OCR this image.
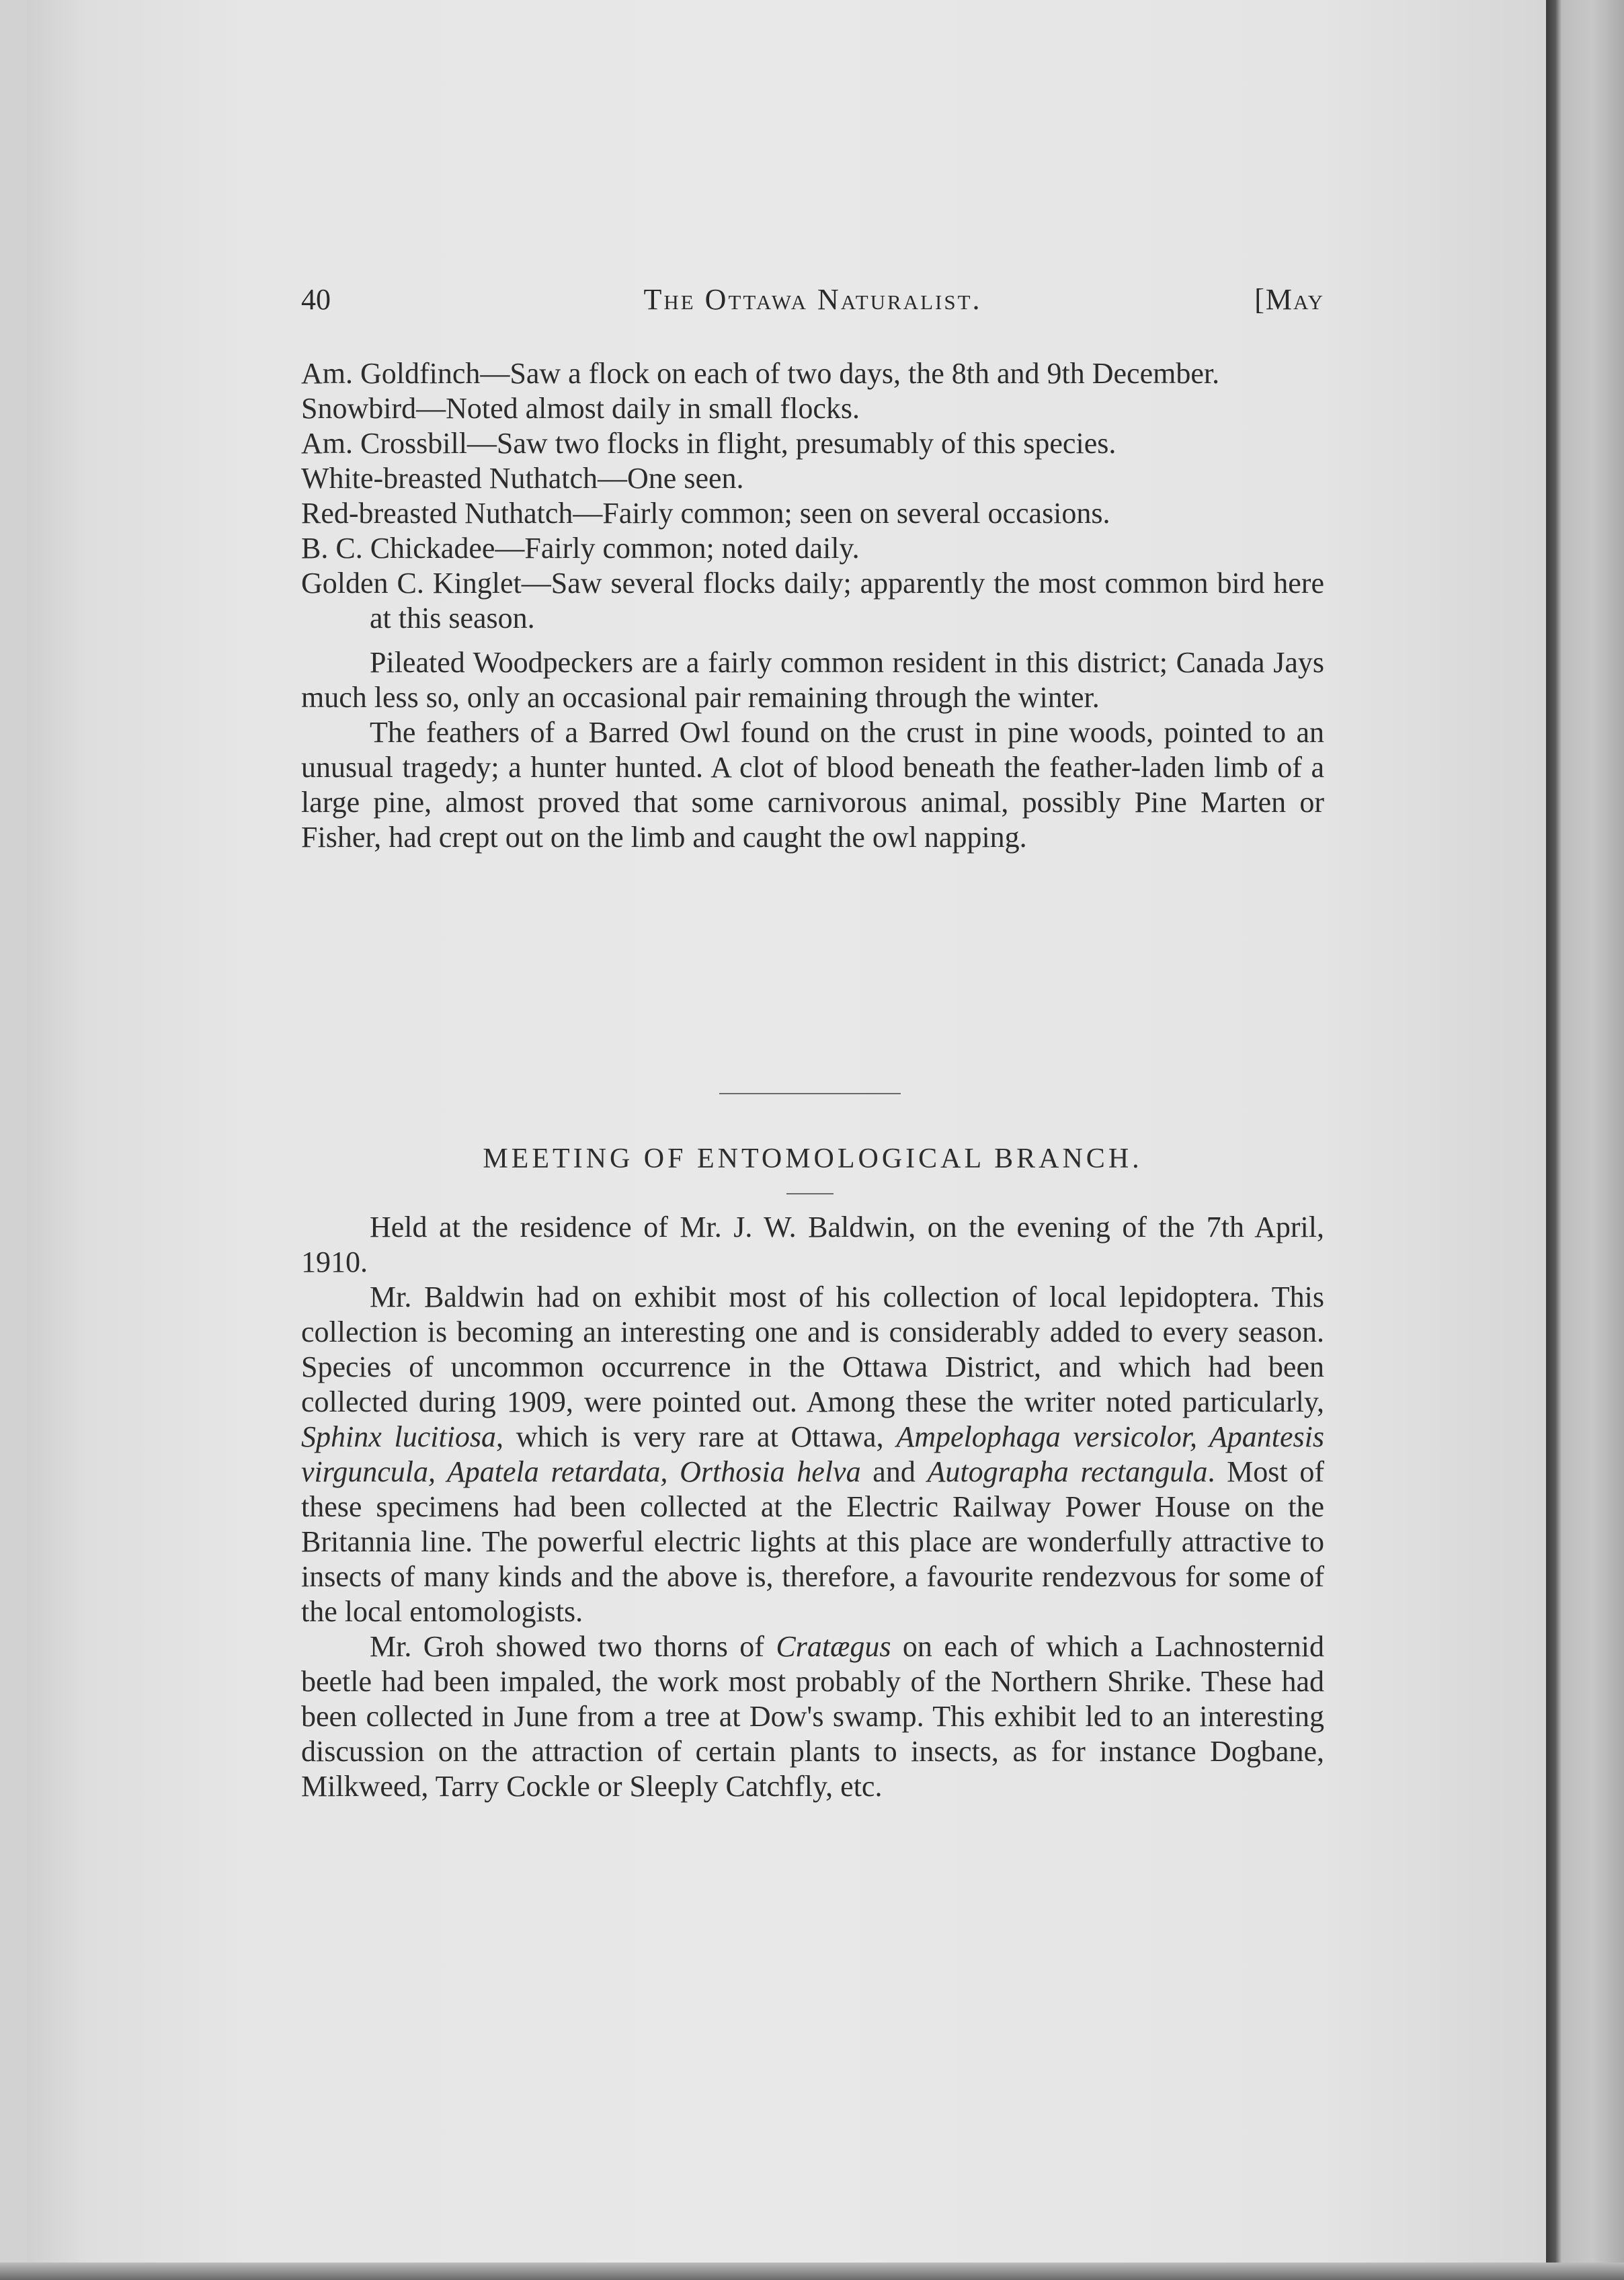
40	The Ottawa Naturalist.	[May

Am. Goldfinch—Saw a flock on each of two days, the 8th and 9th December.

Snowbird—Noted almost daily in small flocks.

Am. Crossbill—Saw two flocks in flight, presumably of this species.

White-breasted Nuthatch—One seen.

Red-breasted Nuthatch—Fairly common; seen on several occasions.

B. C. Chickadee—Fairly common; noted daily.

Golden C. Kinglet—Saw several flocks daily; apparently the most common bird here at this season.

Pileated Woodpeckers are a fairly common resident in this district; Canada Jays much less so, only an occasional pair remaining through the winter.

The feathers of a Barred Owl found on the crust in pine woods, pointed to an unusual tragedy; a hunter hunted. A clot of blood beneath the feather-laden limb of a large pine, almost proved that some carnivorous animal, possibly Pine Marten or Fisher, had crept out on the limb and caught the owl napping.

MEETING OF ENTOMOLOGICAL BRANCH.

Held at the residence of Mr. J. W. Baldwin, on the evening of the 7th April, 1910.

Mr. Baldwin had on exhibit most of his collection of local lepidoptera. This collection is becoming an interesting one and is considerably added to every season. Species of uncommon occurrence in the Ottawa District, and which had been collected during 1909, were pointed out. Among these the writer noted particularly, Sphinx lucitiosa, which is very rare at Ottawa, Ampelophaga versicolor, Apantesis virguncula, Apatela retardata, Orthosia helva and Autographa rectangula. Most of these specimens had been collected at the Electric Railway Power House on the Britannia line. The powerful electric lights at this place are wonderfully attractive to insects of many kinds and the above is, therefore, a favourite rendezvous for some of the local entomologists.

Mr. Groh showed two thorns of Cratægus on each of which a Lachnosternid beetle had been impaled, the work most probably of the Northern Shrike. These had been collected in June from a tree at Dow's swamp. This exhibit led to an interesting discussion on the attraction of certain plants to insects, as for instance Dogbane, Milkweed, Tarry Cockle or Sleeply Catchfly, etc.
